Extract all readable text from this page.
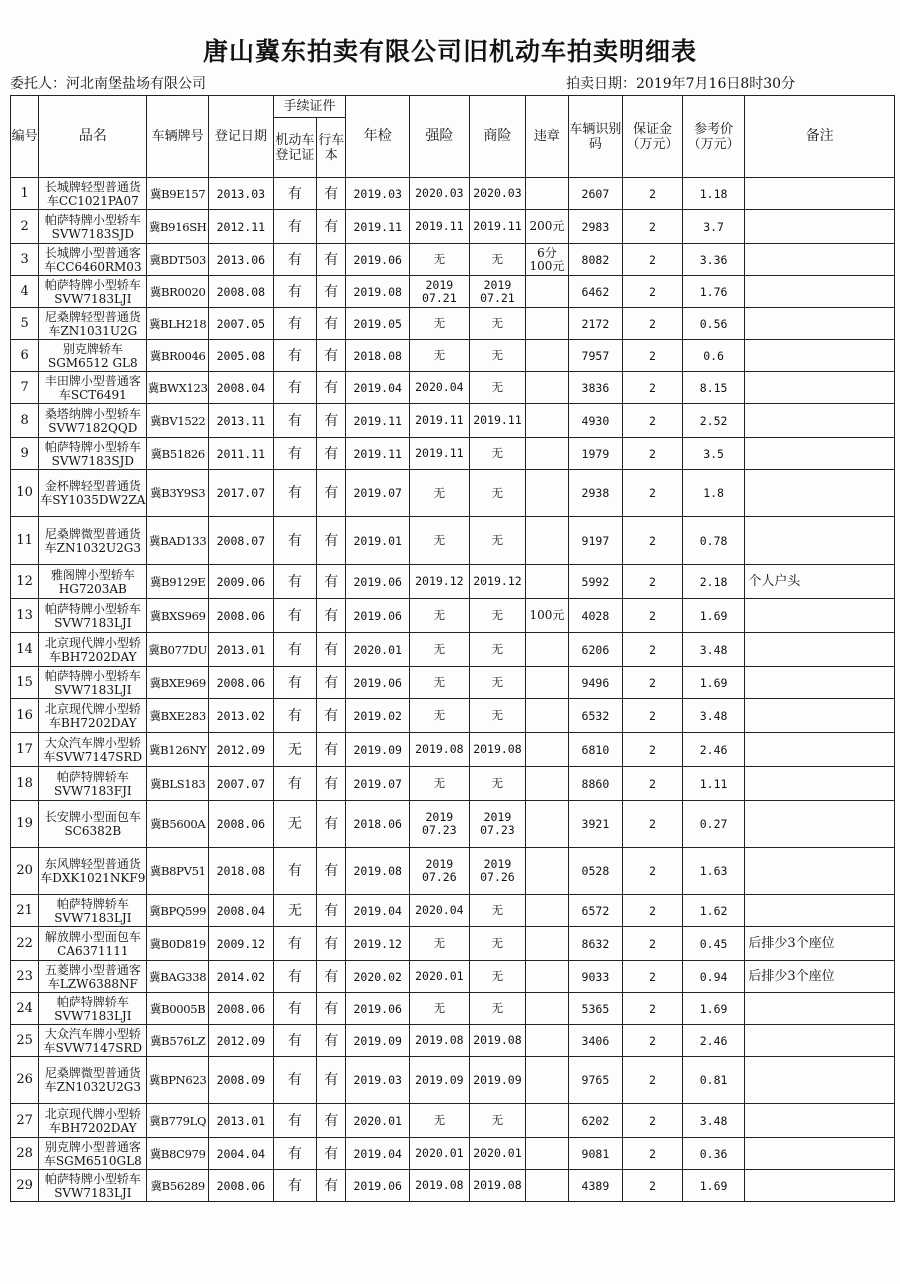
唐山冀东拍卖有限公司旧机动车拍卖明细表
委托人：河北南堡盐场有限公司	拍卖日期：2019年7月16日8时30分
编号	品名	车辆牌号	登记日期	手续证件		年检	强险	商险	违章	车辆识别码	保证金（万元）	参考价（万元）	备注
				机动车登记证	行车本								
1	长城牌轻型普通货车CC1021PA07	冀B9E157	2013.03	有	有	2019.03	2020.03	2020.03		2607	2	1.18	
2	帕萨特牌小型轿车 SVW7183SJD	冀B916SH	2012.11	有	有	2019.11	2019.11	2019.11	200元	2983	2	3.7	
3	长城牌小型普通客车CC6460RM03	冀BDT503	2013.06	有	有	2019.06	无	无	6分 100元	8082	2	3.36	
4	帕萨特牌小型轿车 SVW7183LJI	冀BR0020	2008.08	有	有	2019.08	2019 07.21	2019 07.21		6462	2	1.76	
5	尼桑牌轻型普通货车ZN1031U2G	冀BLH218	2007.05	有	有	2019.05	无	无		2172	2	0.56	
6	别克牌轿车 SGM6512 GL8	冀BR0046	2005.08	有	有	2018.08	无	无		7957	2	0.6	
7	丰田牌小型普通客车SCT6491	冀BWX123	2008.04	有	有	2019.04	2020.04	无		3836	2	8.15	
8	桑塔纳牌小型轿车SVW7182QQD	冀BV1522	2013.11	有	有	2019.11	2019.11	2019.11		4930	2	2.52	
9	帕萨特牌小型轿车 SVW7183SJD	冀B51826	2011.11	有	有	2019.11	2019.11	无		1979	2	3.5	
10	金杯牌轻型普通货车SY1035DW2ZA	冀B3Y9S3	2017.07	有	有	2019.07	无	无		2938	2	1.8	
11	尼桑牌微型普通货车ZN1032U2G3	冀BAD133	2008.07	有	有	2019.01	无	无		9197	2	0.78	
12	雅阁牌小型轿车 HG7203AB	冀B9129E	2009.06	有	有	2019.06	2019.12	2019.12		5992	2	2.18	个人户头
13	帕萨特牌小型轿车 SVW7183LJI	冀BXS969	2008.06	有	有	2019.06	无	无	100元	4028	2	1.69	
14	北京现代牌小型轿车BH7202DAY	冀B077DU	2013.01	有	有	2020.01	无	无		6206	2	3.48	
15	帕萨特牌小型轿车 SVW7183LJI	冀BXE969	2008.06	有	有	2019.06	无	无		9496	2	1.69	
16	北京现代牌小型轿车BH7202DAY	冀BXE283	2013.02	有	有	2019.02	无	无		6532	2	3.48	
17	大众汽车牌小型轿车SVW7147SRD	冀B126NY	2012.09	无	有	2019.09	2019.08	2019.08		6810	2	2.46	
18	帕萨特牌轿车 SVW7183FJI	冀BLS183	2007.07	有	有	2019.07	无	无		8860	2	1.11	
19	长安牌小型面包车SC6382B	冀B5600A	2008.06	无	有	2018.06	2019 07.23	2019 07.23		3921	2	0.27	
20	东风牌轻型普通货车DXK1021NKF9	冀B8PV51	2018.08	有	有	2019.08	2019 07.26	2019 07.26		0528	2	1.63	
21	帕萨特牌轿车 SVW7183LJI	冀BPQ599	2008.04	无	有	2019.04	2020.04	无		6572	2	1.62	
22	解放牌小型面包车CA6371111	冀B0D819	2009.12	有	有	2019.12	无	无		8632	2	0.45	后排少3个座位
23	五菱牌小型普通客车LZW6388NF	冀BAG338	2014.02	有	有	2020.02	2020.01	无		9033	2	0.94	后排少3个座位
24	帕萨特牌轿车 SVW7183LJI	冀B0005B	2008.06	有	有	2019.06	无	无		5365	2	1.69	
25	大众汽车牌小型轿车SVW7147SRD	冀B576LZ	2012.09	有	有	2019.09	2019.08	2019.08		3406	2	2.46	
26	尼桑牌微型普通货车ZN1032U2G3	冀BPN623	2008.09	有	有	2019.03	2019.09	2019.09		9765	2	0.81	
27	北京现代牌小型轿车BH7202DAY	冀B779LQ	2013.01	有	有	2020.01	无	无		6202	2	3.48	
28	别克牌小型普通客车SGM6510GL8	冀B8C979	2004.04	有	有	2019.04	2020.01	2020.01		9081	2	0.36	
29	帕萨特牌小型轿车 SVW7183LJI	冀B56289	2008.06	有	有	2019.06	2019.08	2019.08		4389	2	1.69	
